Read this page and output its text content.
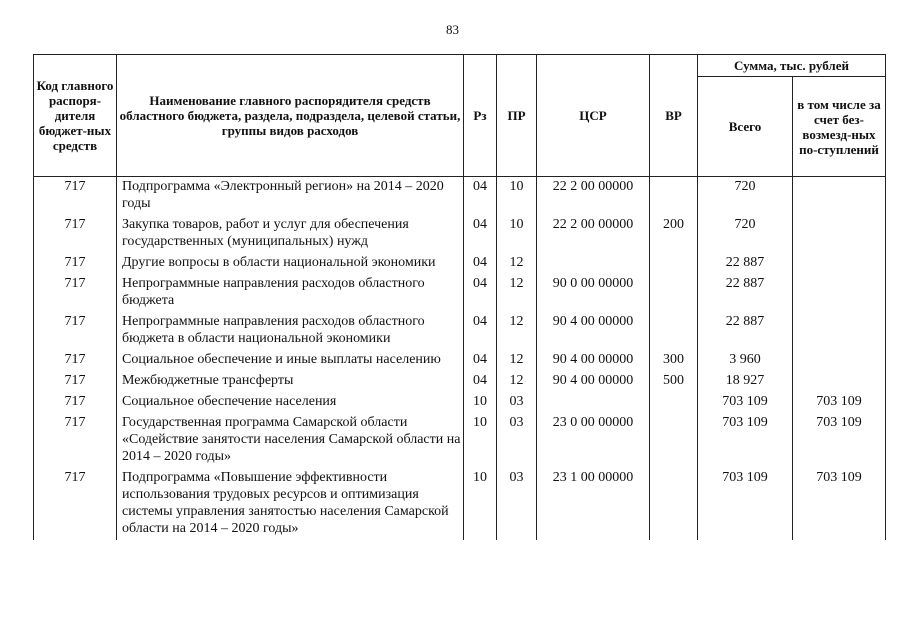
83
Код главного распоря-дителя бюджет-ных средств	Наименование главного распорядителя средств областного бюджета, раздела, подраздела, целевой статьи, группы видов расходов	Рз	ПР	ЦСР	ВР	Сумма, тыс. рублей	
						Всего	в том числе за счет без-возмезд-ных по-ступлений
717	Подпрограмма «Электронный регион» на 2014 – 2020 годы	04	10	22 2 00 00000		720	
717	Закупка товаров, работ и услуг для обеспечения государственных (муниципальных) нужд	04	10	22 2 00 00000	200	720	
717	Другие вопросы в области национальной экономики	04	12			22 887	
717	Непрограммные направления расходов областного бюджета	04	12	90 0 00 00000		22 887	
717	Непрограммные направления расходов областного бюджета в области национальной экономики	04	12	90 4 00 00000		22 887	
717	Социальное обеспечение и иные выплаты населению	04	12	90 4 00 00000	300	3 960	
717	Межбюджетные трансферты	04	12	90 4 00 00000	500	18 927	
717	Социальное обеспечение населения	10	03			703 109	703 109
717	Государственная программа Самарской области «Содействие занятости населения Самарской области на 2014 – 2020 годы»	10	03	23 0 00 00000		703 109	703 109
717	Подпрограмма «Повышение эффективности использования трудовых ресурсов и оптимизация системы управления занятостью населения Самарской области на 2014 – 2020 годы»	10	03	23 1 00 00000		703 109	703 109
